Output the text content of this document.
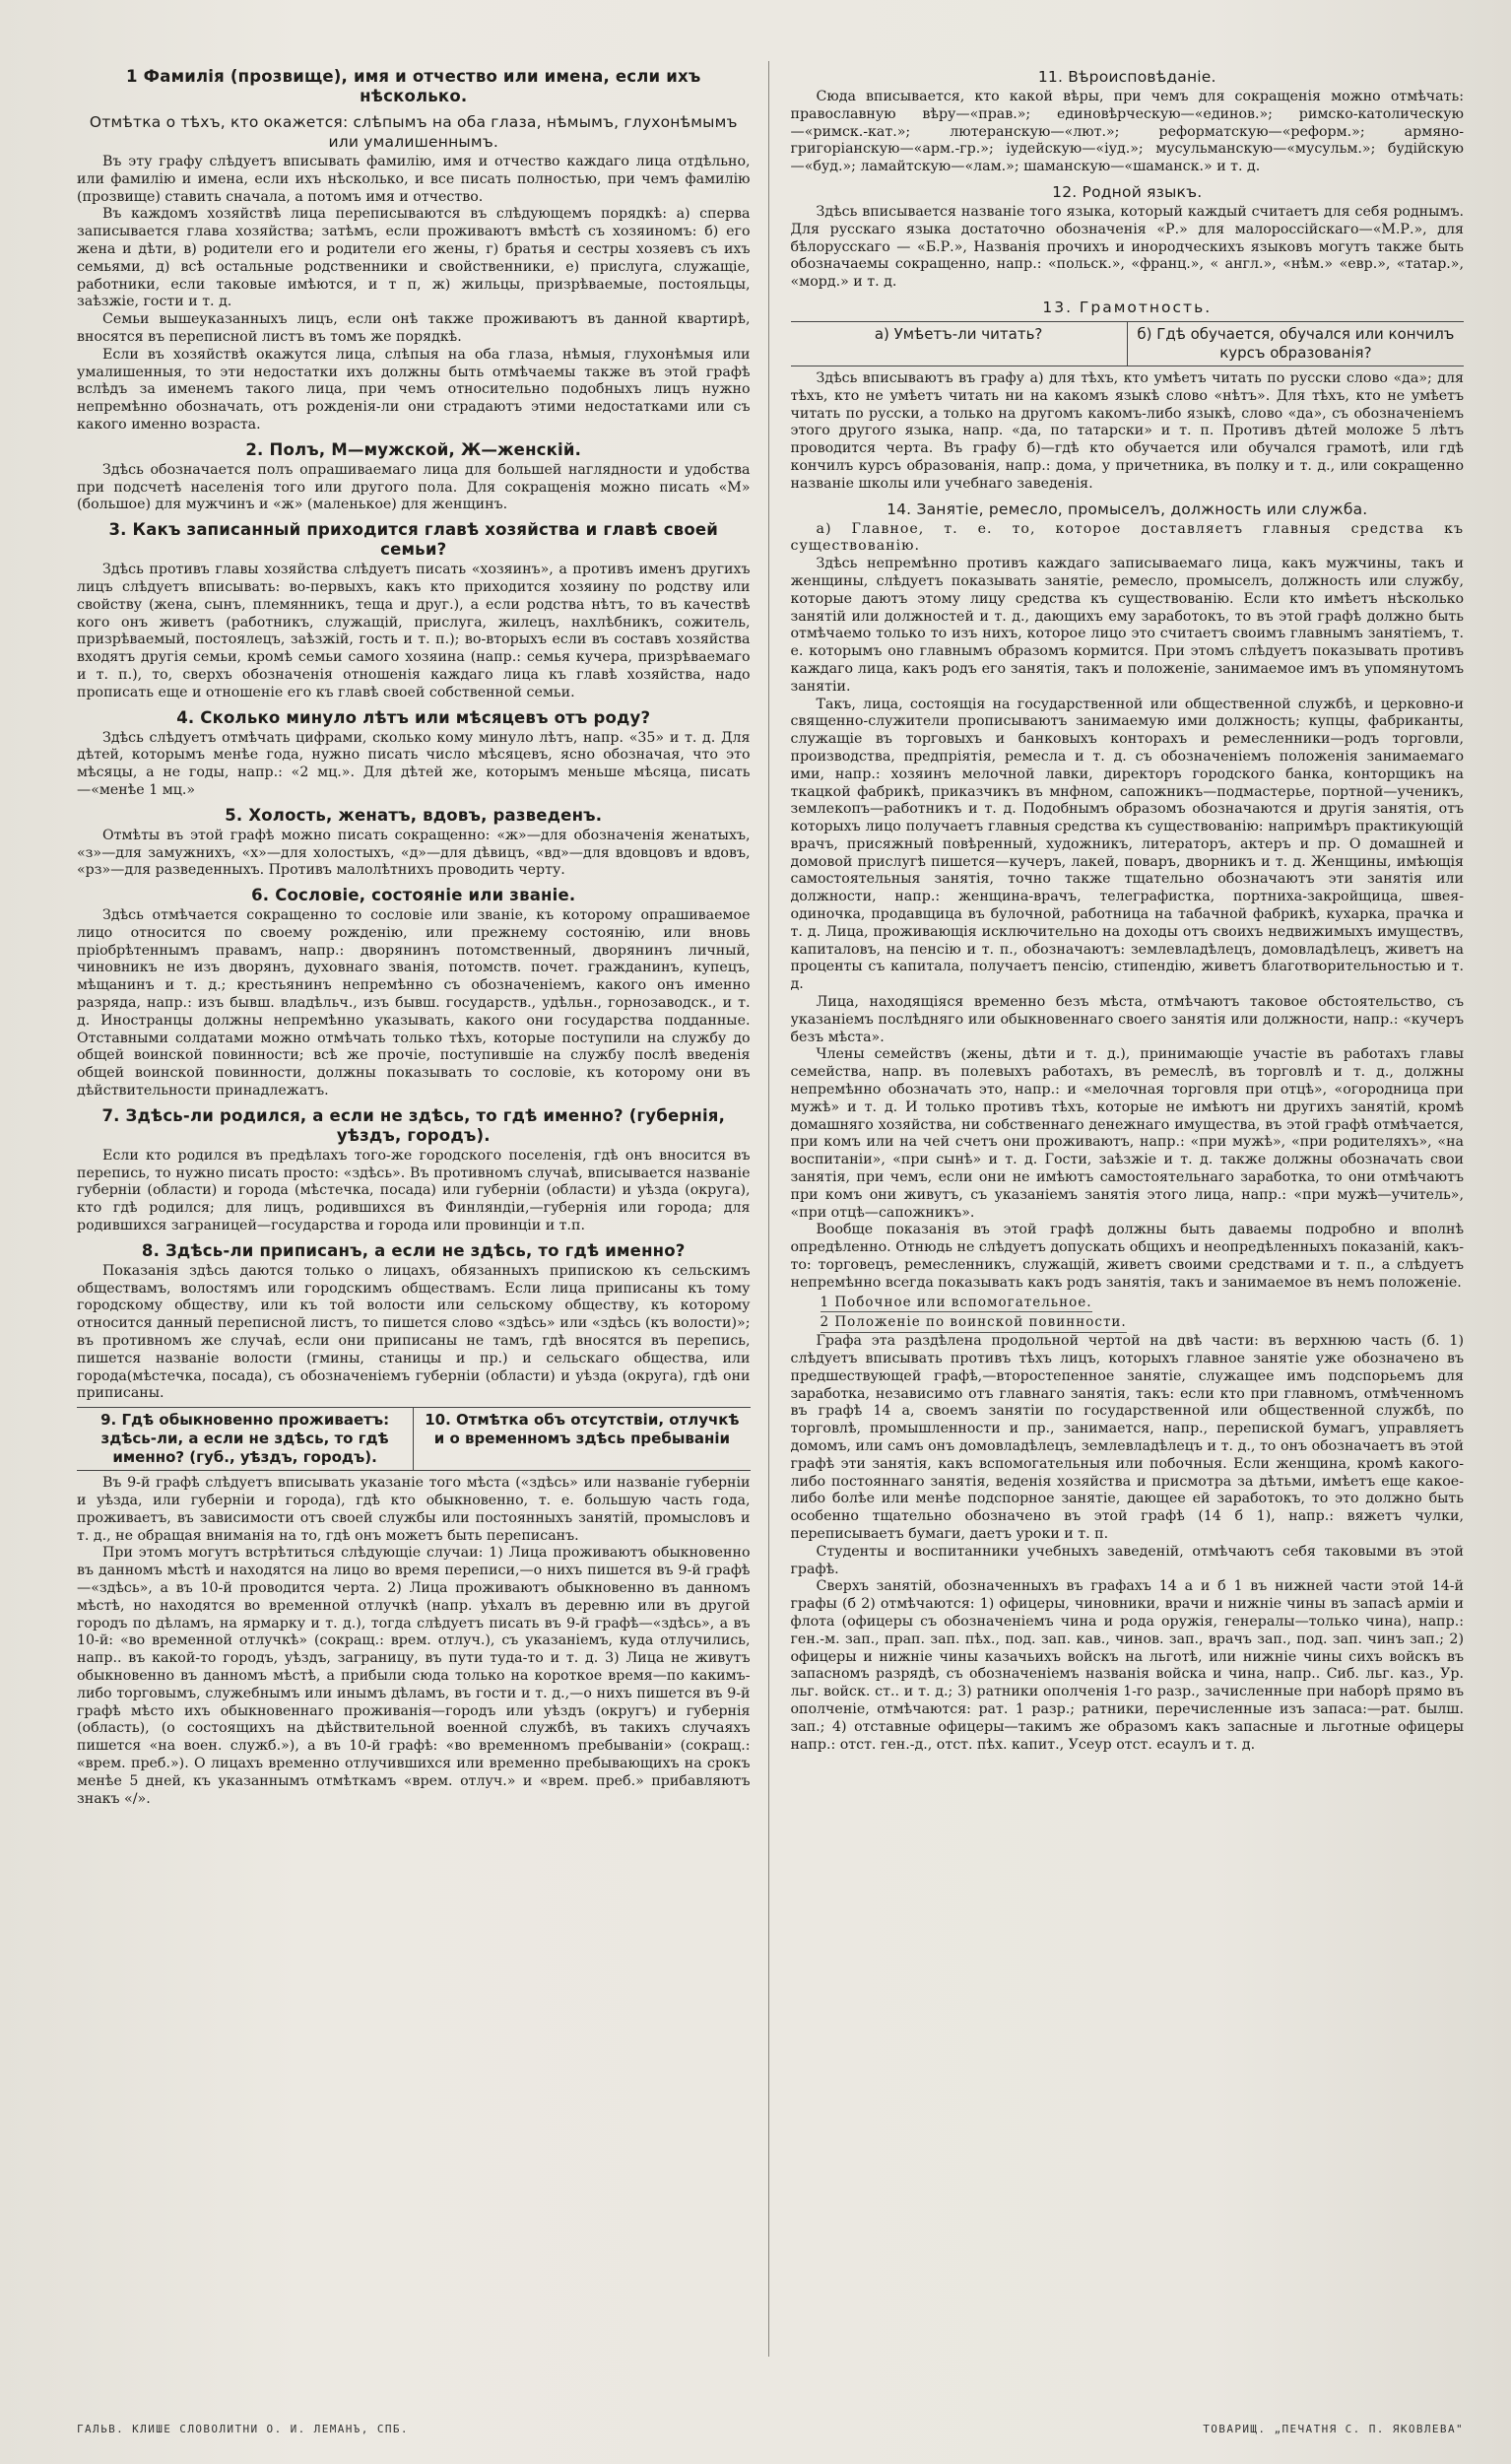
1 Фамилія (прозвище), имя и отчество или имена, если ихъ нѣсколько.
Отмѣтка о тѣхъ, кто окажется: слѣпымъ на оба глаза, нѣмымъ, глухонѣмымъ или умалишеннымъ.

Въ эту графу слѣдуетъ вписывать фамилію, имя и отчество каждаго лица отдѣльно, или фамилію и имена, если ихъ нѣсколько, и все писать полностью, при чемъ фамилію (прозвище) ставить сначала, а потомъ имя и отчество.

Въ каждомъ хозяйствѣ лица переписываются въ слѣдующемъ порядкѣ: а) сперва записывается глава хозяйства; затѣмъ, если проживаютъ вмѣстѣ съ хозяиномъ: б) его жена и дѣти, в) родители его и родители его жены, г) братья и сестры хозяевъ съ ихъ семьями, д) всѣ остальные родственники и свойственники, е) прислуга, служащіе, работники, если таковые имѣются, и т п, ж) жильцы, призрѣваемые, постояльцы, заѣзжіе, гости и т. д.

Семьи вышеуказанныхъ лицъ, если онѣ также проживаютъ въ данной квартирѣ, вносятся въ переписной листъ въ томъ же порядкѣ.

Если въ хозяйствѣ окажутся лица, слѣпыя на оба глаза, нѣмыя, глухонѣмыя или умалишенныя, то эти недостатки ихъ должны быть отмѣчаемы также въ этой графѣ вслѣдъ за именемъ такого лица, при чемъ относительно подобныхъ лицъ нужно непремѣнно обозначать, отъ рожденія-ли они страдаютъ этими недостатками или съ какого именно возраста.

2. Полъ, М—мужской, Ж—женскій.

Здѣсь обозначается полъ опрашиваемаго лица для большей наглядности и удобства при подсчетѣ населенія того или другого пола. Для сокращенія можно писать «М» (большое) для мужчинъ и «ж» (маленькое) для женщинъ.

3. Какъ записанный приходится главѣ хозяйства и главѣ своей семьи?

Здѣсь противъ главы хозяйства слѣдуетъ писать «хозяинъ», а противъ именъ другихъ лицъ слѣдуетъ вписывать: во-первыхъ, какъ кто приходится хозяину по родству или свойству (жена, сынъ, племянникъ, теща и друг.), а если родства нѣтъ, то въ качествѣ кого онъ живетъ (работникъ, служащій, прислуга, жилецъ, нахлѣбникъ, сожитель, призрѣваемый, постоялецъ, заѣзжій, гость и т. п.); во-вторыхъ если въ составъ хозяйства входятъ другія семьи, кромѣ семьи самого хозяина (напр.: семья кучера, призрѣваемаго и т. п.), то, сверхъ обозначенія отношенія каждаго лица къ главѣ хозяйства, надо прописать еще и отношеніе его къ главѣ своей собственной семьи.

4. Сколько минуло лѣтъ или мѣсяцевъ отъ роду?

Здѣсь слѣдуетъ отмѣчать цифрами, сколько кому минуло лѣтъ, напр. «35» и т. д. Для дѣтей, которымъ менѣе года, нужно писать число мѣсяцевъ, ясно обозначая, что это мѣсяцы, а не годы, напр.: «2 мц.». Для дѣтей же, которымъ меньше мѣсяца, писать—«менѣе 1 мц.»

5. Холость, женатъ, вдовъ, разведенъ.

Отмѣты въ этой графѣ можно писать сокращенно: «ж»—для обозначенія женатыхъ, «з»—для замужнихъ, «х»—для холостыхъ, «д»—для дѣвицъ, «вд»—для вдовцовъ и вдовъ, «рз»—для разведенныхъ. Противъ малолѣтнихъ проводить черту.

6. Сословіе, состояніе или званіе.

Здѣсь отмѣчается сокращенно то сословіе или званіе, къ которому опрашиваемое лицо относится по своему рожденію, или прежнему состоянію, или вновь пріобрѣтеннымъ правамъ, напр.: дворянинъ потомственный, дворянинъ личный, чиновникъ не изъ дворянъ, духовнаго званія, потомств. почет. гражданинъ, купецъ, мѣщанинъ и т. д.; крестьянинъ непремѣнно съ обозначеніемъ, какого онъ именно разряда, напр.: изъ бывш. владѣльч., изъ бывш. государств., удѣльн., горнозаводск., и т. д. Иностранцы должны непремѣнно указывать, какого они государства подданные. Отставными солдатами можно отмѣчать только тѣхъ, которые поступили на службу до общей воинской повинности; всѣ же прочіе, поступившіе на службу послѣ введенія общей воинской повинности, должны показывать то сословіе, къ которому они въ дѣйствительности принадлежатъ.

7. Здѣсь-ли родился, а если не здѣсь, то гдѣ именно? (губернія, уѣздъ, городъ).

Если кто родился въ предѣлахъ того-же городского поселенія, гдѣ онъ вносится въ перепись, то нужно писать просто: «здѣсь». Въ противномъ случаѣ, вписывается названіе губерніи (области) и города (мѣстечка, посада) или губерніи (области) и уѣзда (округа), кто гдѣ родился; для лицъ, родившихся въ Финляндіи,—губернія или города; для родившихся заграницей—государства и города или провинціи и т.п.

8. Здѣсь-ли приписанъ, а если не здѣсь, то гдѣ именно?

Показанія здѣсь даются только о лицахъ, обязанныхъ припискою къ сельскимъ обществамъ, волостямъ или городскимъ обществамъ. Если лица приписаны къ тому городскому обществу, или къ той волости или сельскому обществу, къ которому относится данный переписной листъ, то пишется слово «здѣсь» или «здѣсь (къ волости)»; въ противномъ же случаѣ, если они приписаны не тамъ, гдѣ вносятся въ перепись, пишется названіе волости (гмины, станицы и пр.) и сельскаго общества, или города(мѣстечка, посада), съ обозначеніемъ губерніи (области) и уѣзда (округа), гдѣ они приписаны.

9. Гдѣ обыкновенно проживаетъ: здѣсь-ли, а если не здѣсь, то гдѣ именно? (губ., уѣздъ, городъ).
10. Отмѣтка объ отсутствіи, отлучкѣ и о временномъ здѣсь пребываніи

Въ 9-й графѣ слѣдуетъ вписывать указаніе того мѣста («здѣсь» или названіе губерніи и уѣзда, или губерніи и города), гдѣ кто обыкновенно, т. е. большую часть года, проживаетъ, въ зависимости отъ своей службы или постоянныхъ занятій, промысловъ и т. д., не обращая вниманія на то, гдѣ онъ можетъ быть переписанъ.

При этомъ могутъ встрѣтиться слѣдующіе случаи: 1) Лица проживаютъ обыкновенно въ данномъ мѣстѣ и находятся на лицо во время переписи,—о нихъ пишется въ 9-й графѣ—«здѣсь», а въ 10-й проводится черта. 2) Лица проживаютъ обыкновенно въ данномъ мѣстѣ, но находятся во временной отлучкѣ (напр. уѣхалъ въ деревню или въ другой городъ по дѣламъ, на ярмарку и т. д.), тогда слѣдуетъ писать въ 9-й графѣ—«здѣсь», а въ 10-й: «во временной отлучкѣ» (сокращ.: врем. отлуч.), съ указаніемъ, куда отлучились, напр.. въ какой-то городъ, уѣздъ, заграницу, въ пути туда-то и т. д. 3) Лица не живутъ обыкновенно въ данномъ мѣстѣ, а прибыли сюда только на короткое время—по какимъ-либо торговымъ, служебнымъ или инымъ дѣламъ, въ гости и т. д.,—о нихъ пишется въ 9-й графѣ мѣсто ихъ обыкновеннаго проживанія—городъ или уѣздъ (округъ) и губернія (область), (о состоящихъ на дѣйствительной военной службѣ, въ такихъ случаяхъ пишется «на воен. служб.»), а въ 10-й графѣ: «во временномъ пребываніи» (сокращ.: «врем. преб.»). О лицахъ временно отлучившихся или временно пребывающихъ на срокъ менѣе 5 дней, къ указаннымъ отмѣткамъ «врем. отлуч.» и «врем. преб.» прибавляютъ знакъ «/».

11. Вѣроисповѣданіе.

Сюда вписывается, кто какой вѣры, при чемъ для сокращенія можно отмѣчать: православную вѣру—«прав.»; единовѣрческую—«единов.»; римско-католическую—«римск.-кат.»; лютеранскую—«лют.»; реформатскую—«реформ.»; армяно-григоріанскую—«арм.-гр.»; іудейскую—«іуд.»; мусульманскую—«мусульм.»; будійскую—«буд.»; ламайтскую—«лам.»; шаманскую—«шаманск.» и т. д.

12. Родной языкъ.

Здѣсь вписывается названіе того языка, который каждый считаетъ для себя роднымъ. Для русскаго языка достаточно обозначенія «Р.» для малороссійскаго—«М.Р.», для бѣлорусскаго — «Б.Р.», Названія прочихъ и инородческихъ языковъ могутъ также быть обозначаемы сокращенно, напр.: «польск.», «франц.», « англ.», «нѣм.» «евр.», «татар.», «морд.» и т. д.

13. Грамотность.
а) Умѣетъ-ли читать?	б) Гдѣ обучается, обучался или кончилъ курсъ образованія?

Здѣсь вписываютъ въ графу а) для тѣхъ, кто умѣетъ читать по русски слово «да»; для тѣхъ, кто не умѣетъ читать ни на какомъ языкѣ слово «нѣтъ». Для тѣхъ, кто не умѣетъ читать по русски, а только на другомъ какомъ-либо языкѣ, слово «да», съ обозначеніемъ этого другого языка, напр. «да, по татарски» и т. п. Противъ дѣтей моложе 5 лѣтъ проводится черта. Въ графу б)—гдѣ кто обучается или обучался грамотѣ, или гдѣ кончилъ курсъ образованія, напр.: дома, у причетника, въ полку и т. д., или сокращенно названіе школы или учебнаго заведенія.

14. Занятіе, ремесло, промыселъ, должность или служба.

а) Главное, т. е. то, которое доставляетъ главныя средства къ существованію.

Здѣсь непремѣнно противъ каждаго записываемаго лица, какъ мужчины, такъ и женщины, слѣдуетъ показывать занятіе, ремесло, промыселъ, должность или службу, которые даютъ этому лицу средства къ существованію. Если кто имѣетъ нѣсколько занятій или должностей и т. д., дающихъ ему заработокъ, то въ этой графѣ должно быть отмѣчаемо только то изъ нихъ, которое лицо это считаетъ своимъ главнымъ занятіемъ, т. е. которымъ оно главнымъ образомъ кормится. При этомъ слѣдуетъ показывать противъ каждаго лица, какъ родъ его занятія, такъ и положеніе, занимаемое имъ въ упомянутомъ занятіи.

Такъ, лица, состоящія на государственной или общественной службѣ, и церковно-и священно-служители прописываютъ занимаемую ими должность; купцы, фабриканты, служащіе въ торговыхъ и банковыхъ конторахъ и ремесленники—родъ торговли, производства, предпріятія, ремесла и т. д. съ обозначеніемъ положенія занимаемаго ими, напр.: хозяинъ мелочной лавки, директоръ городского банка, конторщикъ на ткацкой фабрикѣ, приказчикъ въ мнфном, сапожникъ—подмастерье, портной—ученикъ, землекопъ—работникъ и т. д. Подобнымъ образомъ обозначаются и другія занятія, отъ которыхъ лицо получаетъ главныя средства къ существованію: напримѣръ практикующій врачъ, присяжный повѣренный, художникъ, литераторъ, актеръ и пр. О домашней и домовой прислугѣ пишется—кучеръ, лакей, поваръ, дворникъ и т. д. Женщины, имѣющія самостоятельныя занятія, точно также тщательно обозначаютъ эти занятія или должности, напр.: женщина-врачъ, телеграфистка, портниха-закройщица, швея-одиночка, продавщица въ булочной, работница на табачной фабрикѣ, кухарка, прачка и т. д. Лица, проживающія исключительно на доходы отъ своихъ недвижимыхъ имуществъ, капиталовъ, на пенсію и т. п., обозначаютъ: землевладѣлецъ, домовладѣлецъ, живетъ на проценты съ капитала, получаетъ пенсію, стипендію, живетъ благотворительностью и т. д.

Лица, находящіяся временно безъ мѣста, отмѣчаютъ таковое обстоятельство, съ указаніемъ послѣдняго или обыкновеннаго своего занятія или должности, напр.: «кучеръ безъ мѣста».

Члены семействъ (жены, дѣти и т. д.), принимающіе участіе въ работахъ главы семейства, напр. въ полевыхъ работахъ, въ ремеслѣ, въ торговлѣ и т. д., должны непремѣнно обозначать это, напр.: и «мелочная торговля при отцѣ», «огородница при мужѣ» и т. д. И только противъ тѣхъ, которые не имѣютъ ни другихъ занятій, кромѣ домашняго хозяйства, ни собственнаго денежнаго имущества, въ этой графѣ отмѣчается, при комъ или на чей счетъ они проживаютъ, напр.: «при мужѣ», «при родителяхъ», «на воспитаніи», «при сынѣ» и т. д. Гости, заѣзжіе и т. д. также должны обозначать свои занятія, при чемъ, если они не имѣютъ самостоятельнаго заработка, то они отмѣчаютъ при комъ они живутъ, съ указаніемъ занятія этого лица, напр.: «при мужѣ—учитель», «при отцѣ—сапожникъ».

Вообще показанія въ этой графѣ должны быть даваемы подробно и вполнѣ опредѣленно. Отнюдь не слѣдуетъ допускать общихъ и неопредѣленныхъ показаній, какъ-то: торговецъ, ремесленникъ, служащій, живетъ своими средствами и т. п., а слѣдуетъ непремѣнно всегда показывать какъ родъ занятія, такъ и занимаемое въ немъ положеніе.

1 Побочное или вспомогательное.
2 Положеніе по воинской повинности.

Графа эта раздѣлена продольной чертой на двѣ части: въ верхнюю часть (б. 1) слѣдуетъ вписывать противъ тѣхъ лицъ, которыхъ главное занятіе уже обозначено въ предшествующей графѣ,—второстепенное занятіе, служащее имъ подспорьемъ для заработка, независимо отъ главнаго занятія, такъ: если кто при главномъ, отмѣченномъ въ графѣ 14 а, своемъ занятіи по государственной или общественной службѣ, по торговлѣ, промышленности и пр., занимается, напр., перепиской бумагъ, управляетъ домомъ, или самъ онъ домовладѣлецъ, землевладѣлецъ и т. д., то онъ обозначаетъ въ этой графѣ эти занятія, какъ вспомогательныя или побочныя. Если женщина, кромѣ какого-либо постояннаго занятія, веденія хозяйства и присмотра за дѣтьми, имѣетъ еще какое-либо болѣе или менѣе подспорное занятіе, дающее ей заработокъ, то это должно быть особенно тщательно обозначено въ этой графѣ (14 б 1), напр.: вяжетъ чулки, переписываетъ бумаги, даетъ уроки и т. п.

Студенты и воспитанники учебныхъ заведеній, отмѣчаютъ себя таковыми въ этой графѣ.

Сверхъ занятій, обозначенныхъ въ графахъ 14 а и б 1 въ нижней части этой 14-й графы (б 2) отмѣчаются: 1) офицеры, чиновники, врачи и нижніе чины въ запасѣ арміи и флота (офицеры съ обозначеніемъ чина и рода оружія, генералы—только чина), напр.: ген.-м. зап., прап. зап. пѣх., под. зап. кав., чинов. зап., врачъ зап., под. зап. чинъ зап.; 2) офицеры и нижніе чины казачьихъ войскъ на льготѣ, или нижніе чины сихъ войскъ въ запасномъ разрядѣ, съ обозначеніемъ названія войска и чина, напр.. Сиб. льг. каз., Ур. льг. войск. ст.. и т. д.; 3) ратники ополченія 1-го разр., зачисленные при наборѣ прямо въ ополченіе, отмѣчаются: рат. 1 разр.; ратники, перечисленные изъ запаса:—рат. былш. зап.; 4) отставные офицеры—такимъ же образомъ какъ запасные и льготные офицеры напр.: отст. ген.-д., отст. пѣх. капит., Усеур отст. есаулъ и т. д.

ГАЛЬВ. КЛИШЕ СЛОВОЛИТНИ О. И. ЛЕМАНЪ, СПБ.	ТОВАРИЩ. „ПЕЧАТНЯ С. П. ЯКОВЛЕВА"
